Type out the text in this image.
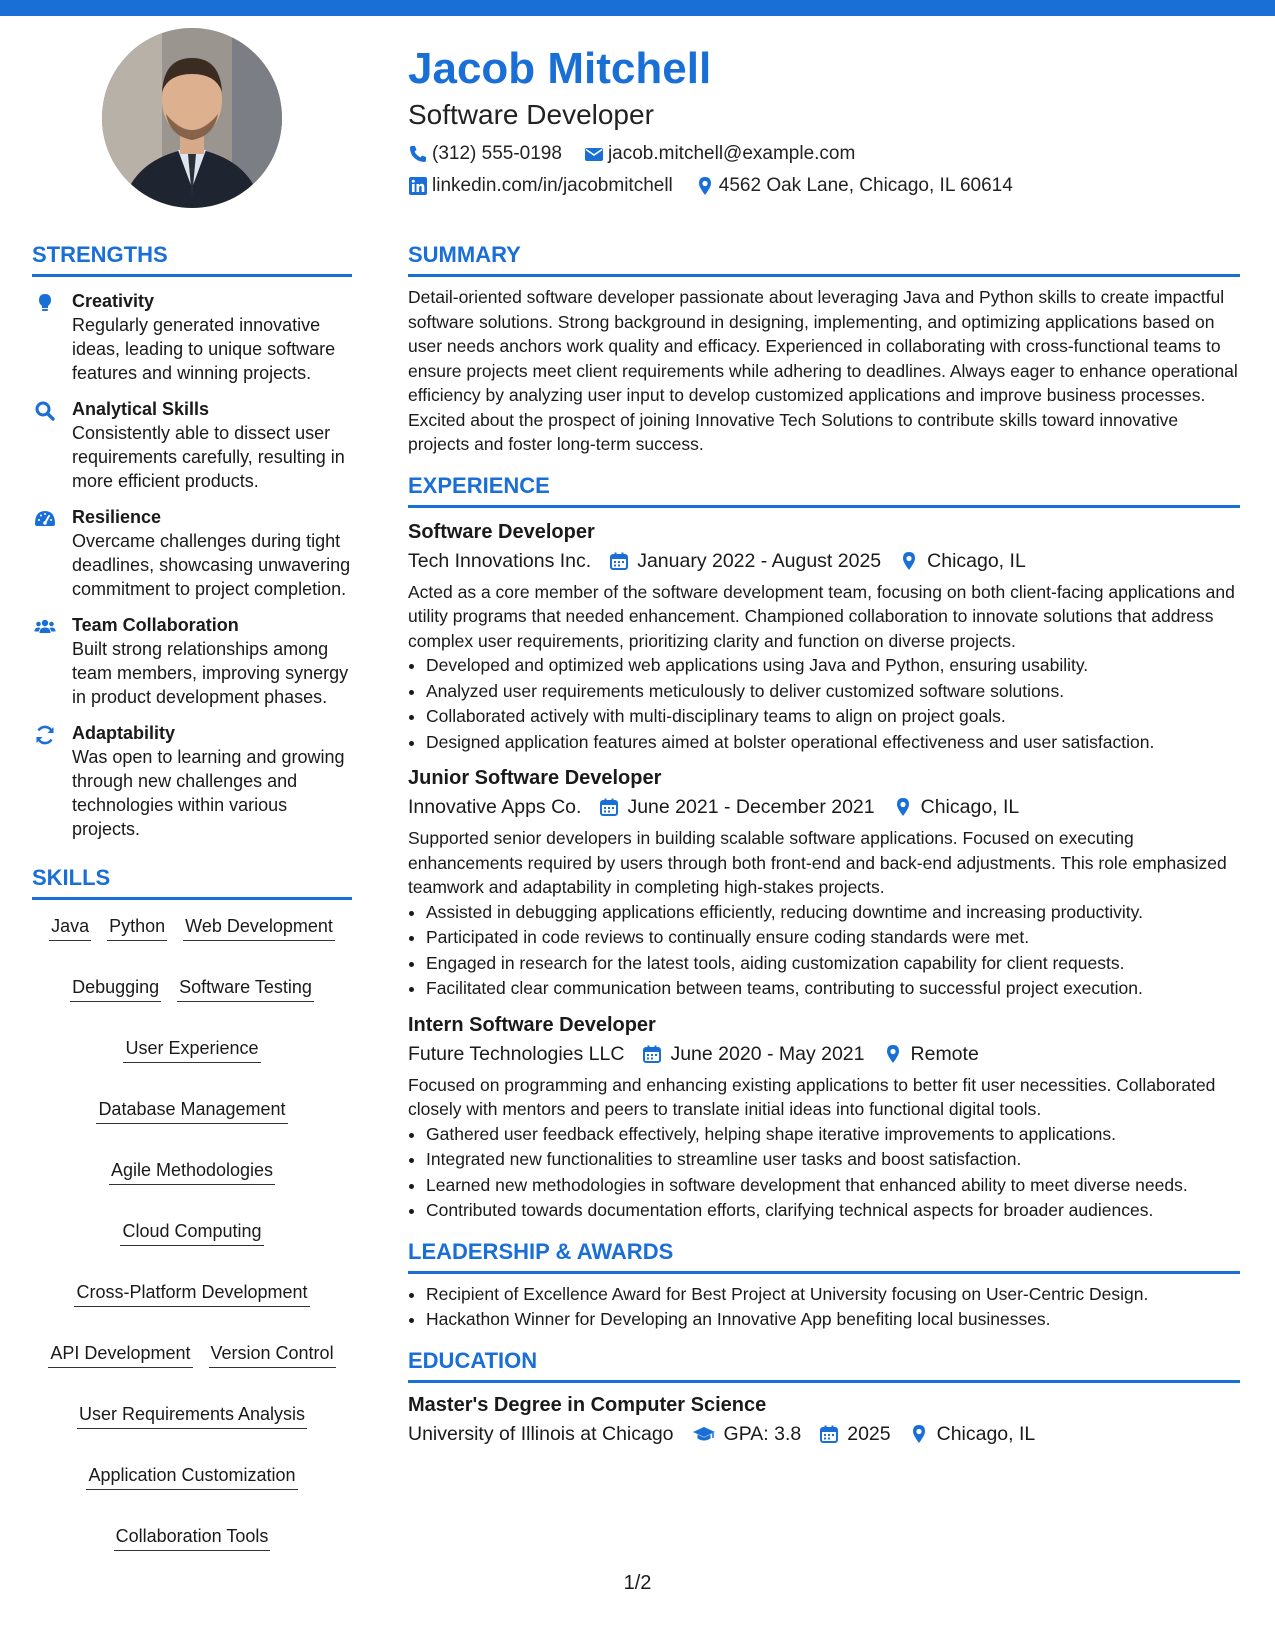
Jacob Mitchell
Software Developer
(312) 555-0198 jacob.mitchell@example.com
linkedin.com/in/jacobmitchell 4562 Oak Lane, Chicago, IL 60614
STRENGTHS
Creativity
Regularly generated innovative ideas, leading to unique software features and winning projects.
Analytical Skills
Consistently able to dissect user requirements carefully, resulting in more efficient products.
Resilience
Overcame challenges during tight deadlines, showcasing unwavering commitment to project completion.
Team Collaboration
Built strong relationships among team members, improving synergy in product development phases.
Adaptability
Was open to learning and growing through new challenges and technologies within various projects.
SKILLS
Java Python Web Development
Debugging Software Testing
User Experience
Database Management
Agile Methodologies
Cloud Computing
Cross-Platform Development
API Development Version Control
User Requirements Analysis
Application Customization
Collaboration Tools
SUMMARY

Detail-oriented software developer passionate about leveraging Java and Python skills to create impactful software solutions. Strong background in designing, implementing, and optimizing applications based on user needs anchors work quality and efficacy. Experienced in collaborating with cross-functional teams to ensure projects meet client requirements while adhering to deadlines. Always eager to enhance operational efficiency by analyzing user input to develop customized applications and improve business processes. Excited about the prospect of joining Innovative Tech Solutions to contribute skills toward innovative projects and foster long-term success.

EXPERIENCE
Software Developer
Tech Innovations Inc. January 2022 - August 2025 Chicago, IL

Acted as a core member of the software development team, focusing on both client-facing applications and utility programs that needed enhancement. Championed collaboration to innovate solutions that address complex user requirements, prioritizing clarity and function on diverse projects.

• Developed and optimized web applications using Java and Python, ensuring usability.
• Analyzed user requirements meticulously to deliver customized software solutions.
• Collaborated actively with multi-disciplinary teams to align on project goals.
• Designed application features aimed at bolster operational effectiveness and user satisfaction.
Junior Software Developer
Innovative Apps Co. June 2021 - December 2021 Chicago, IL

Supported senior developers in building scalable software applications. Focused on executing enhancements required by users through both front-end and back-end adjustments. This role emphasized teamwork and adaptability in completing high-stakes projects.

• Assisted in debugging applications efficiently, reducing downtime and increasing productivity.
• Participated in code reviews to continually ensure coding standards were met.
• Engaged in research for the latest tools, aiding customization capability for client requests.
• Facilitated clear communication between teams, contributing to successful project execution.
Intern Software Developer
Future Technologies LLC June 2020 - May 2021 Remote

Focused on programming and enhancing existing applications to better fit user necessities. Collaborated closely with mentors and peers to translate initial ideas into functional digital tools.

• Gathered user feedback effectively, helping shape iterative improvements to applications.
• Integrated new functionalities to streamline user tasks and boost satisfaction.
• Learned new methodologies in software development that enhanced ability to meet diverse needs.
• Contributed towards documentation efforts, clarifying technical aspects for broader audiences.
LEADERSHIP & AWARDS
• Recipient of Excellence Award for Best Project at University focusing on User-Centric Design.
• Hackathon Winner for Developing an Innovative App benefiting local businesses.
EDUCATION
Master's Degree in Computer Science
University of Illinois at Chicago	GPA: 3.8 2025 Chicago, IL
1/2
